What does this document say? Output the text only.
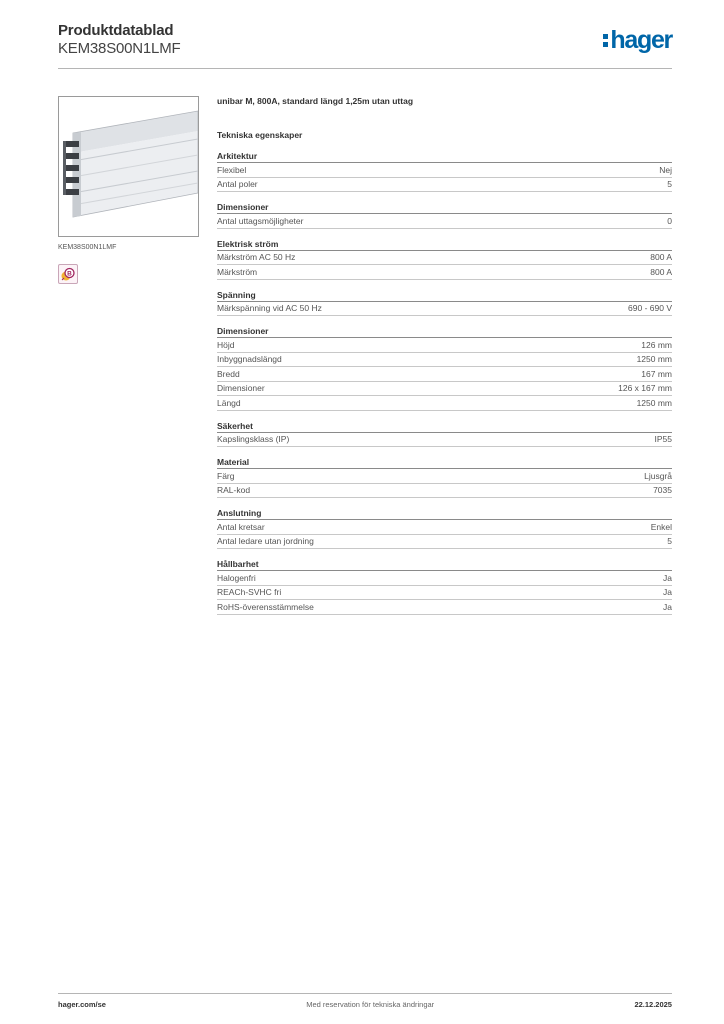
Produktdatablad
KEM38S00N1LMF	hager
KEM38S00N1LMF
B
unibar M, 800A, standard längd 1,25m utan uttag
Tekniska egenskaper
Arkitektur
Flexibel	Nej
Antal poler	5
Dimensioner
Antal uttagsmöjligheter	0
Elektrisk ström
Märkström AC 50 Hz	800 A
Märkström	800 A
Spänning
Märkspänning vid AC 50 Hz	690 - 690 V
Dimensioner
Höjd	126 mm
Inbyggnadslängd	1250 mm
Bredd	167 mm
Dimensioner	126 x 167 mm
Längd	1250 mm
Säkerhet
Kapslingsklass (IP)	IP55
Material
Färg	Ljusgrå
RAL-kod	7035
Anslutning
Antal kretsar	Enkel
Antal ledare utan jordning	5
Hållbarhet
Halogenfri	Ja
REACh-SVHC fri	Ja
RoHS-överensstämmelse	Ja
hager.com/se	Med reservation för tekniska ändringar	22.12.2025
